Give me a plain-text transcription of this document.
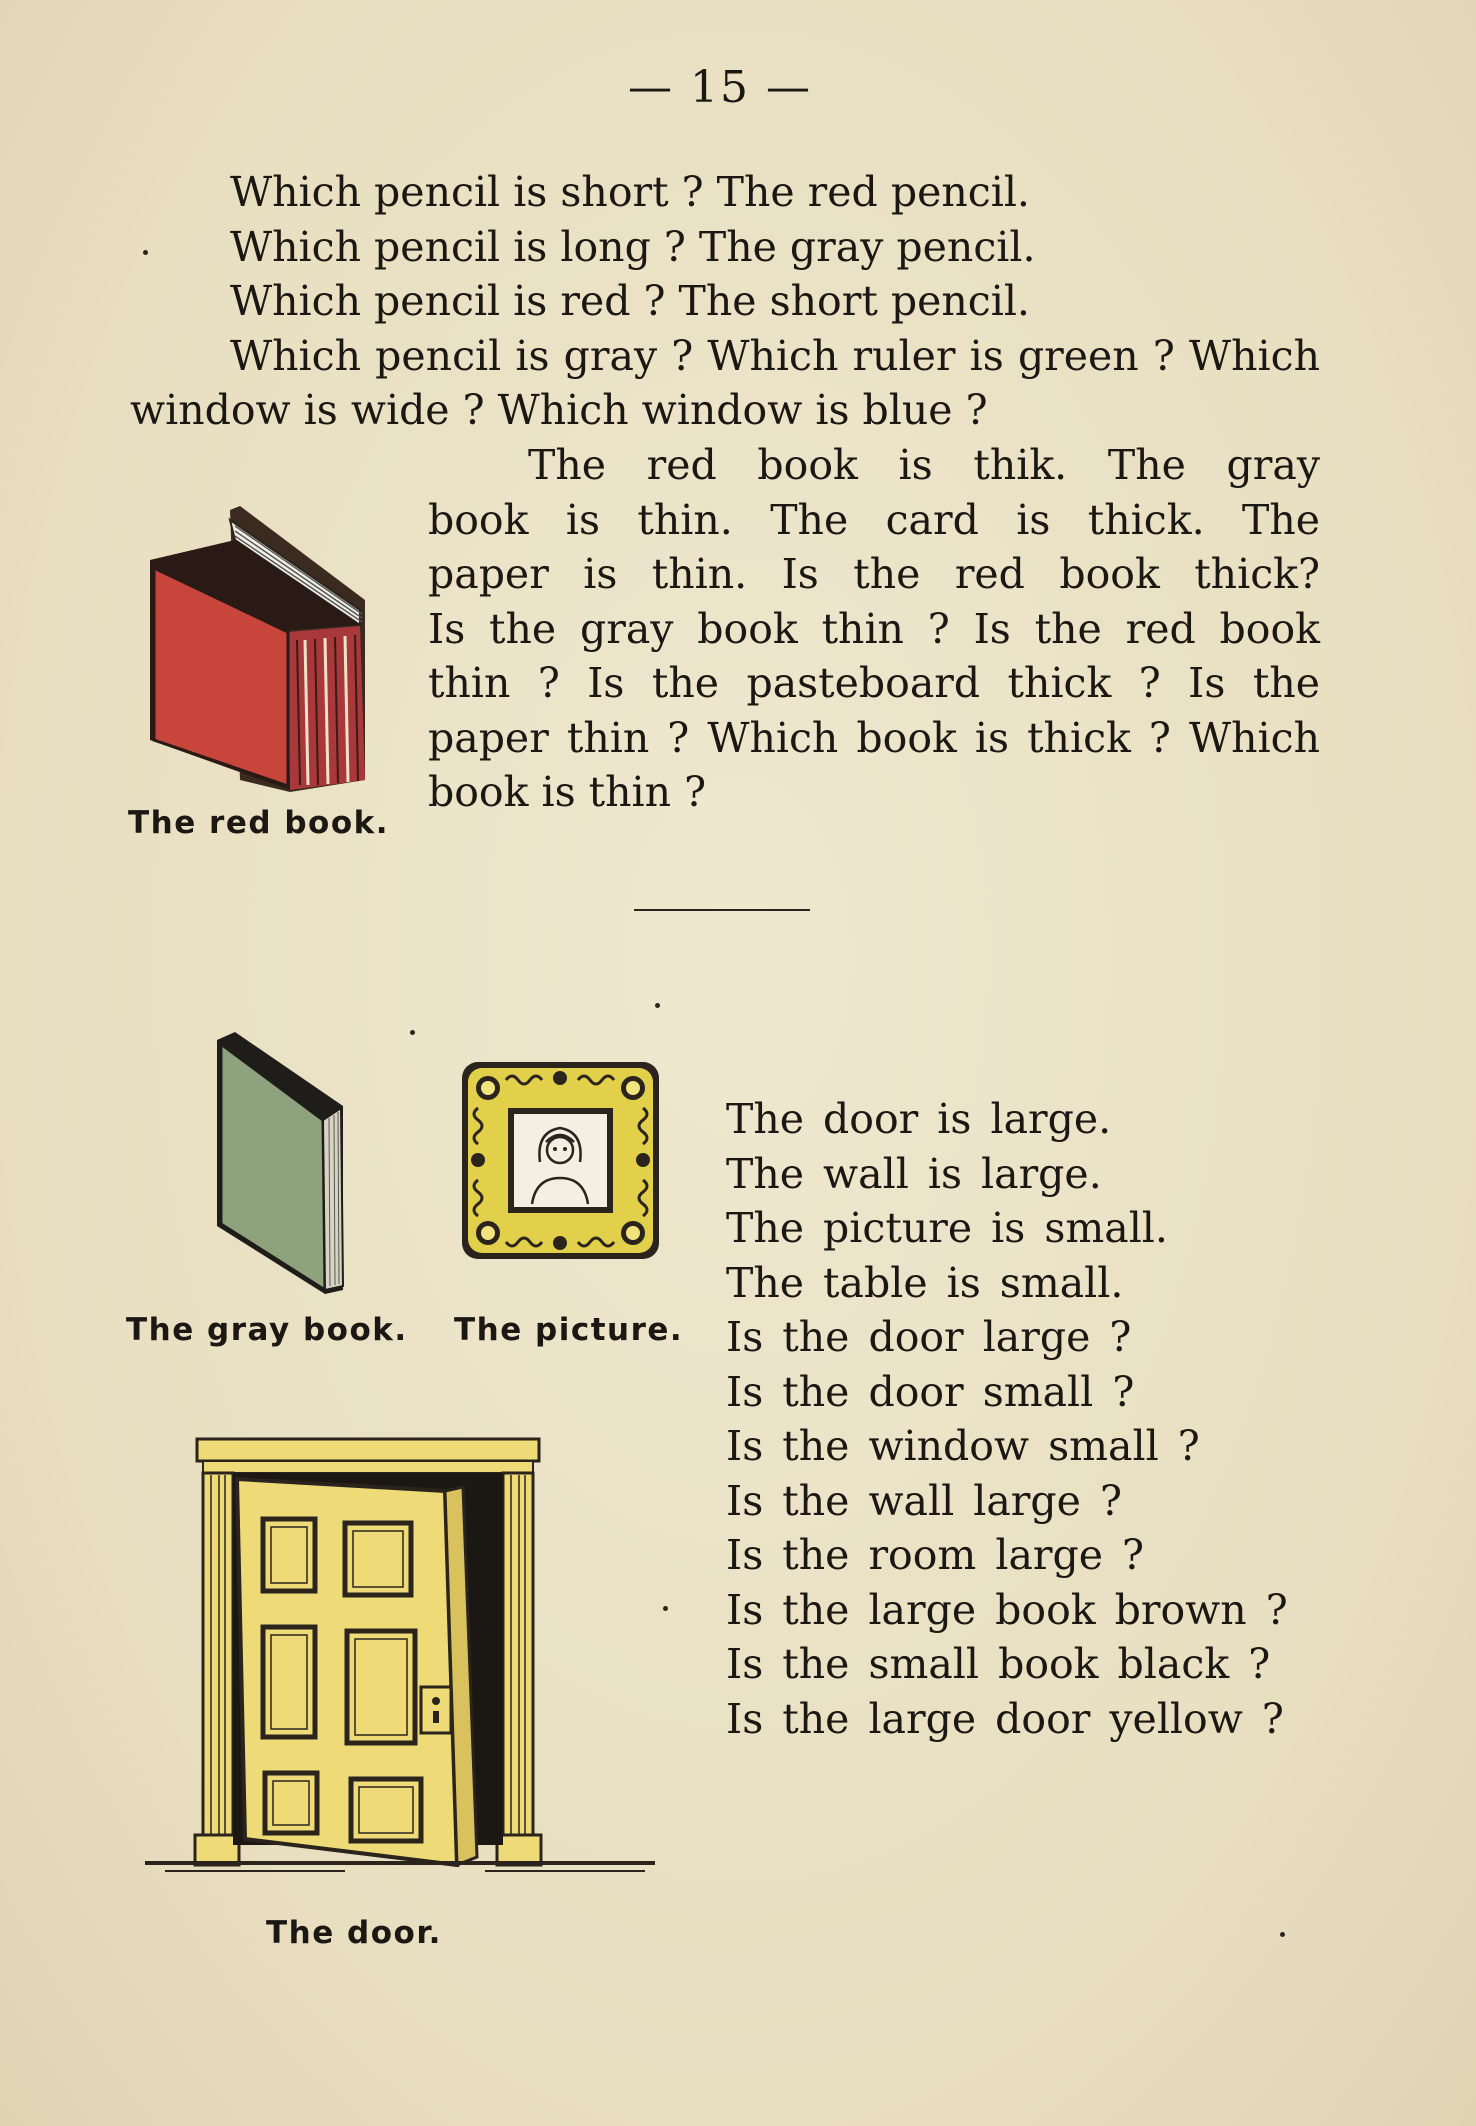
— 15 —
Which pencil is short ? The red pencil.
Which pencil is long ? The gray pencil.
Which pencil is red ? The short pencil.
Which pencil is gray ? Which ruler is green ? Which
window is wide ? Which window is blue ?
The red book.
The red book is thik. The gray
book is thin. The card is thick. The
paper is thin. Is the red book thick?
Is the gray book thin ? Is the red book
thin ? Is the pasteboard thick ? Is the
paper thin ? Which book is thick ? Which
book is thin ?
The gray book. The picture.
The door is large.
The wall is large.
The picture is small.
The table is small.
Is the door large ?
Is the door small ?
Is the window small ?
Is the wall large ?
Is the room large ?
Is the large book brown ?
Is the small book black ?
Is the large door yellow ?
The door.
